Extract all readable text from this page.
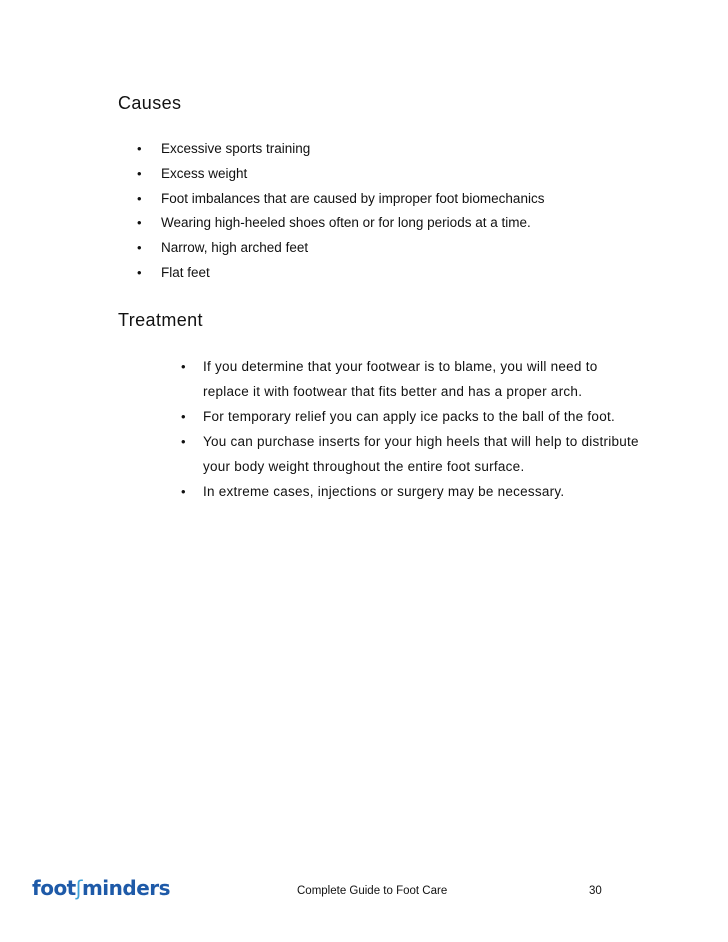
Causes
• Excessive sports training
• Excess weight
• Foot imbalances that are caused by improper foot biomechanics
• Wearing high-heeled shoes often or for long periods at a time.
• Narrow, high arched feet
• Flat feet
Treatment
• If you determine that your footwear is to blame, you will need to replace it with footwear that fits better and has a proper arch.
• For temporary relief you can apply ice packs to the ball of the foot.
• You can purchase inserts for your high heels that will help to distribute your body weight throughout the entire foot surface.
• In extreme cases, injections or surgery may be necessary.
footʃminders	Complete Guide to Foot Care	30
